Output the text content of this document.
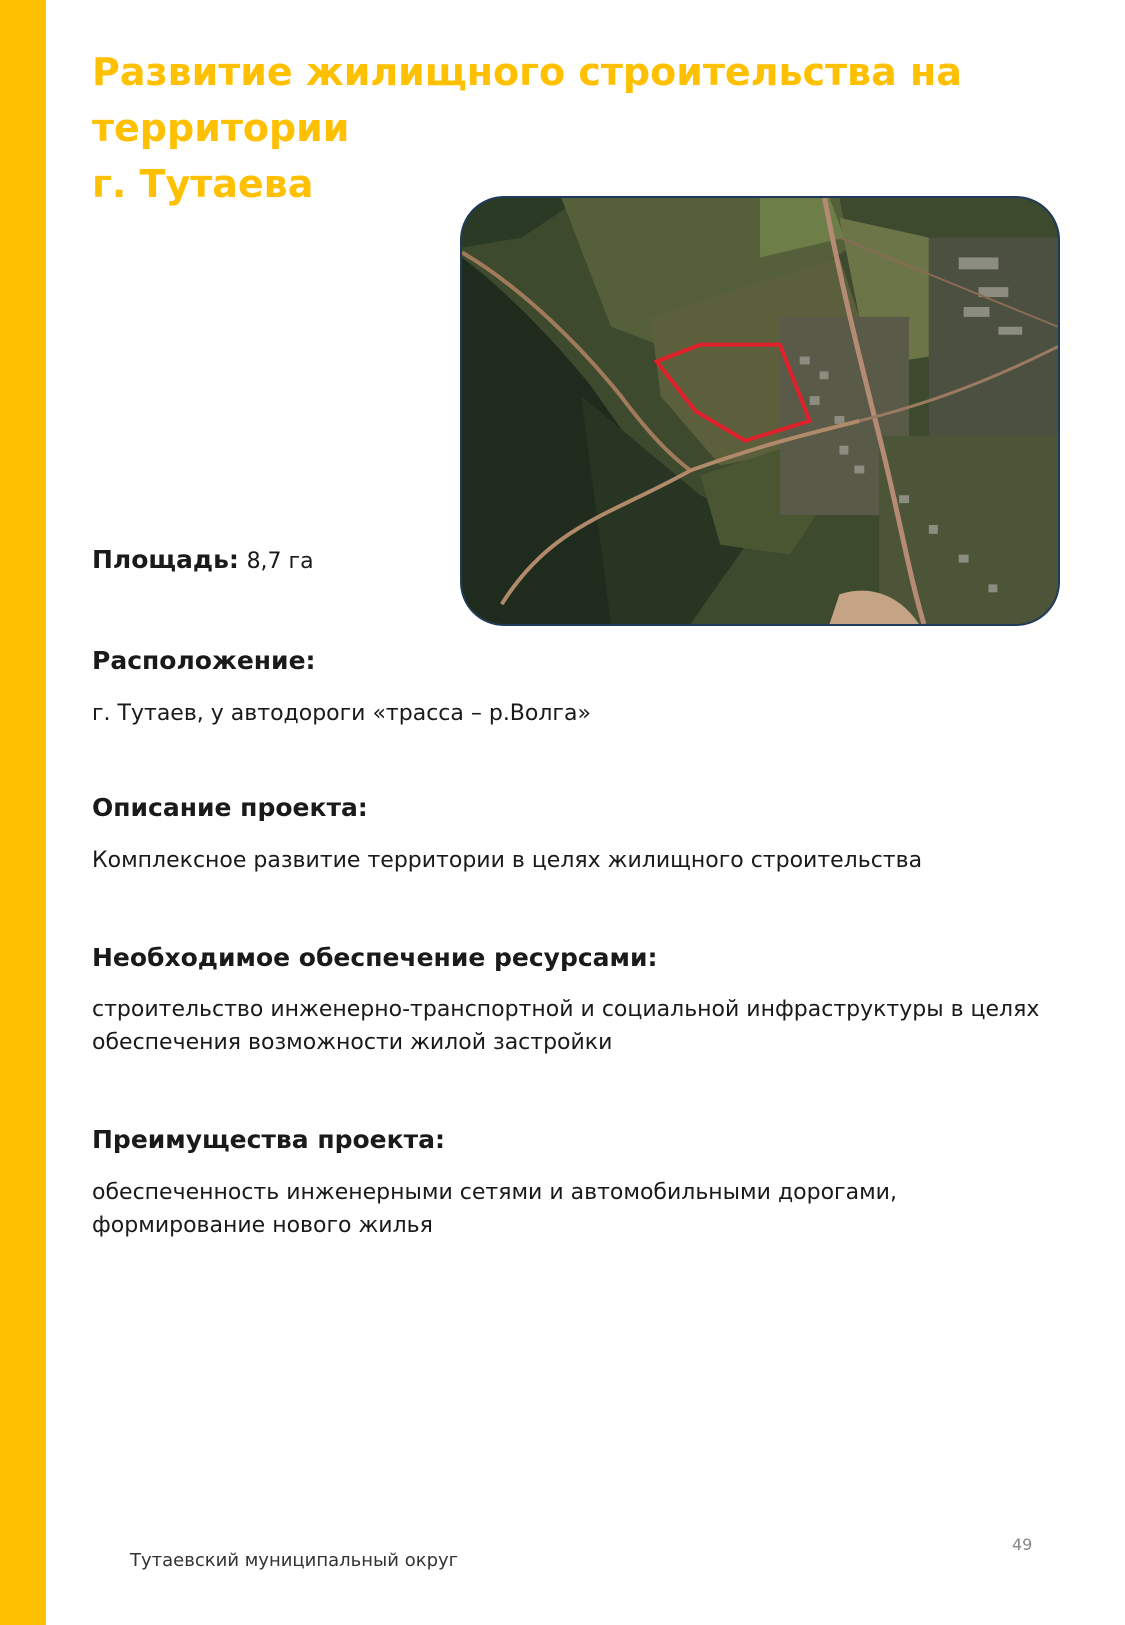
Развитие жилищного строительства на
территории
г. Тутаева
Площадь: 8,7 га
Расположение:

г. Тутаев, у автодороги «трасса – р.Волга»

Описание проекта:

Комплексное развитие территории в целях жилищного строительства

Необходимое обеспечение ресурсами:

строительство инженерно-транспортной и социальной инфраструктуры в целях обеспечения возможности жилой застройки

Преимущества проекта:

обеспеченность инженерными сетями и автомобильными дорогами, формирование нового жилья

Тутаевский муниципальный округ
49
